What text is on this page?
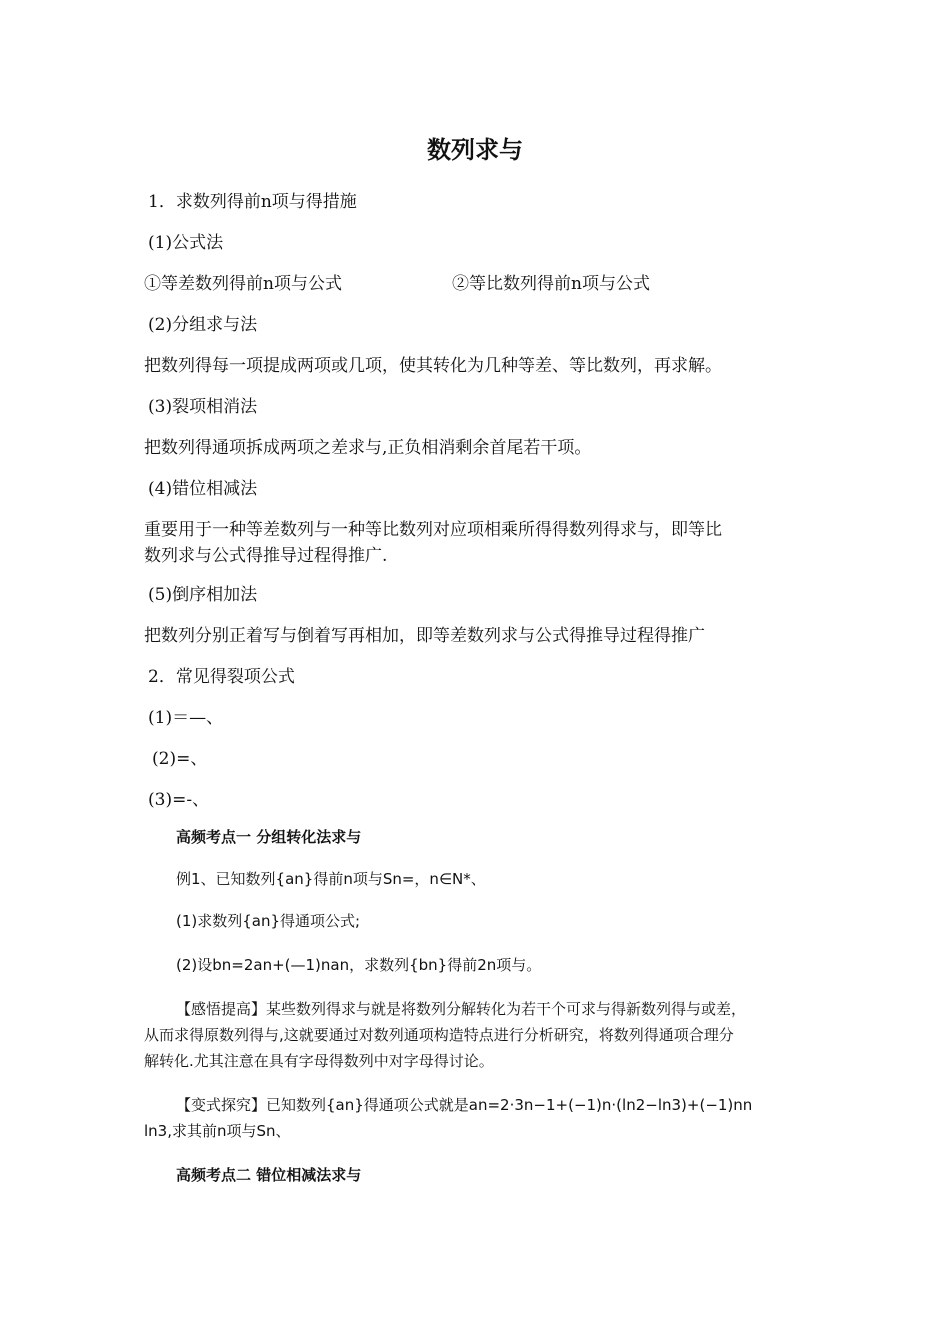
数列求与
1．求数列得前n项与得措施
(1)公式法
①等差数列得前n项与公式	②等比数列得前n项与公式
(2)分组求与法
把数列得每一项提成两项或几项，使其转化为几种等差、等比数列，再求解。
(3)裂项相消法
把数列得通项拆成两项之差求与,正负相消剩余首尾若干项。
(4)错位相减法
重要用于一种等差数列与一种等比数列对应项相乘所得得数列得求与，即等比
数列求与公式得推导过程得推广.
(5)倒序相加法
把数列分别正着写与倒着写再相加，即等差数列求与公式得推导过程得推广
2．常见得裂项公式
(1)＝—、
(2)=、
(3)=-、
高频考点一 分组转化法求与
例1、已知数列{an}得前n项与Sn=，n∈N*、
(1)求数列{an}得通项公式;
(2)设bn=2an+(—1)nan，求数列{bn}得前2n项与。
【感悟提高】某些数列得求与就是将数列分解转化为若干个可求与得新数列得与或差，
从而求得原数列得与,这就要通过对数列通项构造特点进行分析研究，将数列得通项合理分
解转化.尤其注意在具有字母得数列中对字母得讨论。
【变式探究】已知数列{an}得通项公式就是an=2·3n−1+(−1)n·(ln2−ln3)+(−1)nn
ln3,求其前n项与Sn、
高频考点二 错位相减法求与
